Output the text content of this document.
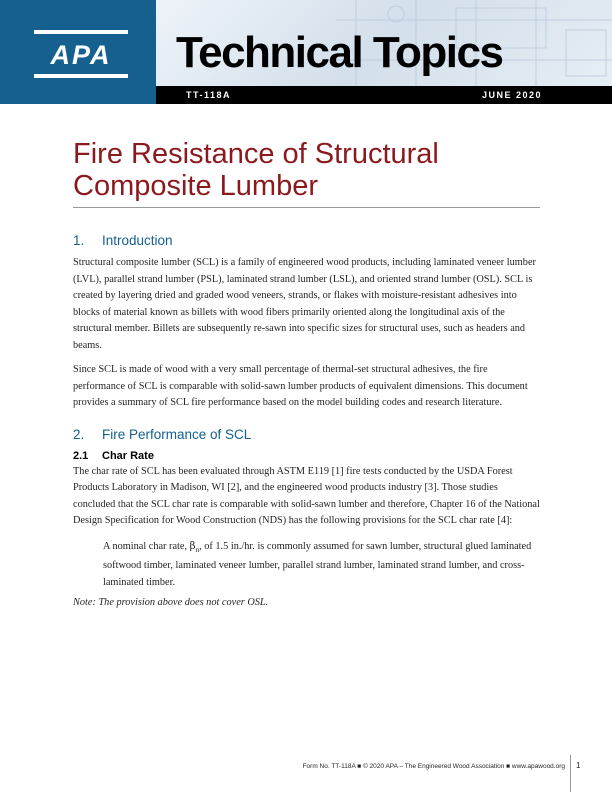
APA	Technical Topics
TT-118A	JUNE 2020
Fire Resistance of Structural
Composite Lumber
1. Introduction

Structural composite lumber (SCL) is a family of engineered wood products, including laminated veneer lumber (LVL), parallel strand lumber (PSL), laminated strand lumber (LSL), and oriented strand lumber (OSL). SCL is created by layering dried and graded wood veneers, strands, or flakes with moisture-resistant adhesives into blocks of material known as billets with wood fibers primarily oriented along the longitudinal axis of the structural member. Billets are subsequently re-sawn into specific sizes for structural uses, such as headers and beams.

Since SCL is made of wood with a very small percentage of thermal-set structural adhesives, the fire performance of SCL is comparable with solid-sawn lumber products of equivalent dimensions. This document provides a summary of SCL fire performance based on the model building codes and research literature.

2. Fire Performance of SCL
2.1 Char Rate

The char rate of SCL has been evaluated through ASTM E119 [1] fire tests conducted by the USDA Forest Products Laboratory in Madison, WI [2], and the engineered wood products industry [3]. Those studies concluded that the SCL char rate is comparable with solid-sawn lumber and therefore, Chapter 16 of the National Design Specification for Wood Construction (NDS) has the following provisions for the SCL char rate [4]:

A nominal char rate, $\beta_n$, of 1.5 in./hr. is commonly assumed for sawn lumber, structural glued laminated softwood timber, laminated veneer lumber, parallel strand lumber, laminated strand lumber, and cross-laminated timber.

Note: The provision above does not cover OSL.

Form No. TT-118A ■ © 2020 APA – The Engineered Wood Association ■ www.apawood.org 1
